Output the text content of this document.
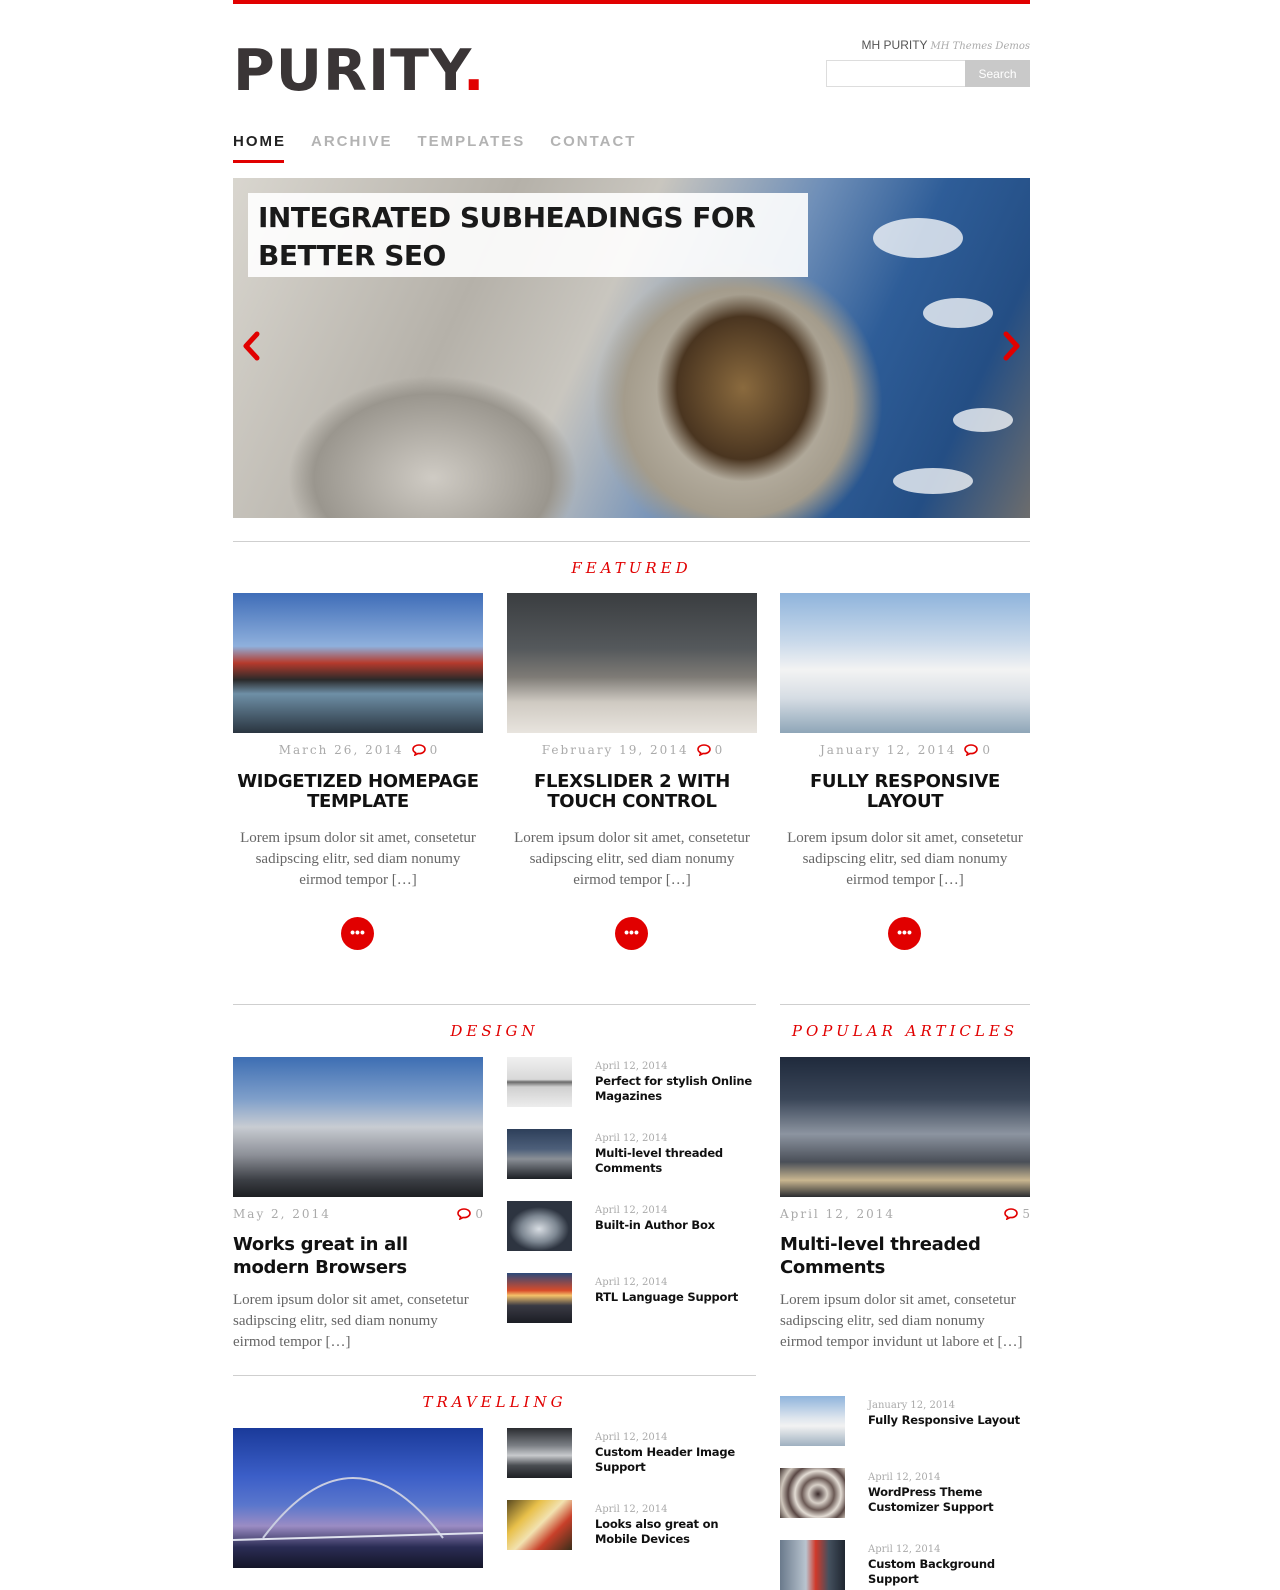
PURITY.	MH PURITY MH Themes Demos
Search
HOME ARCHIVE TEMPLATES CONTACT
INTEGRATED SUBHEADINGS FOR BETTER SEO
FEATURED
March 26, 2014 0
WIDGETIZED HOMEPAGE TEMPLATE

Lorem ipsum dolor sit amet, consetetur sadipscing elitr, sed diam nonumy eirmod tempor […]

•••
February 19, 2014 0
FLEXSLIDER 2 WITH TOUCH CONTROL

Lorem ipsum dolor sit amet, consetetur sadipscing elitr, sed diam nonumy eirmod tempor […]

•••
January 12, 2014 0
FULLY RESPONSIVE LAYOUT

Lorem ipsum dolor sit amet, consetetur sadipscing elitr, sed diam nonumy eirmod tempor […]

•••
DESIGN
May 2, 2014	0
Works great in all modern Browsers

Lorem ipsum dolor sit amet, consetetur sadipscing elitr, sed diam nonumy eirmod tempor […]

April 12, 2014
Perfect for stylish Online Magazines
April 12, 2014
Multi-level threaded Comments
April 12, 2014
Built-in Author Box
April 12, 2014
RTL Language Support
POPULAR ARTICLES
April 12, 2014	5
Multi-level threaded Comments

Lorem ipsum dolor sit amet, consetetur sadipscing elitr, sed diam nonumy eirmod tempor invidunt ut labore et […]

January 12, 2014
Fully Responsive Layout
April 12, 2014
WordPress Theme Customizer Support
April 12, 2014
Custom Background Support
TRAVELLING
April 12, 2014
Custom Header Image Support
April 12, 2014
Looks also great on Mobile Devices
